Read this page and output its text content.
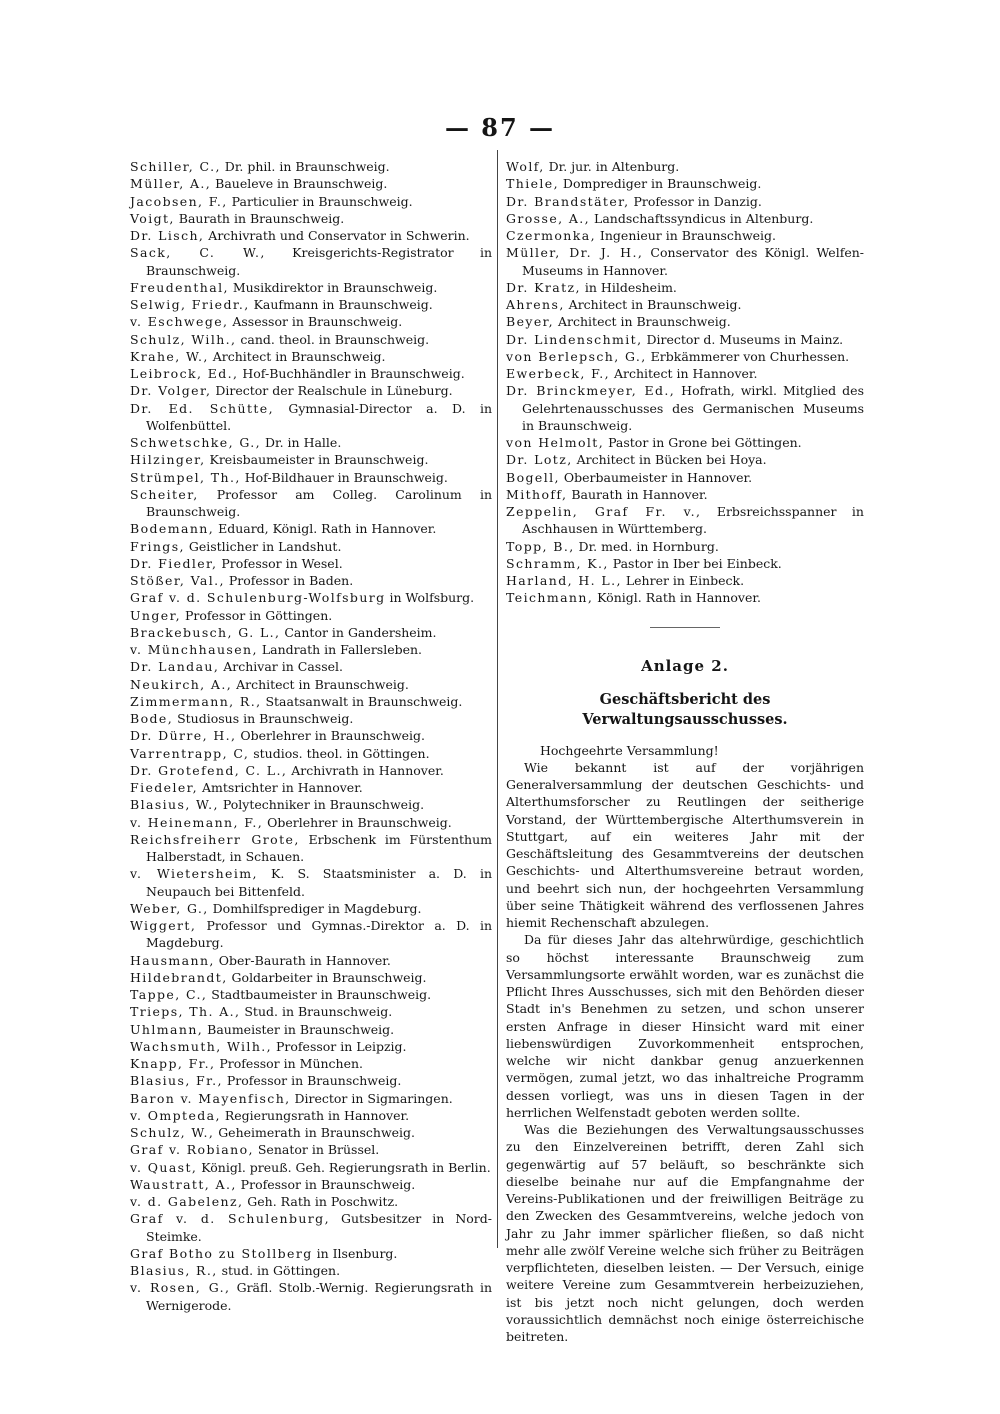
— 87 —
Schiller, C., Dr. phil. in Braunschweig.
Müller, A., Baueleve in Braunschweig.
Jacobsen, F., Particulier in Braunschweig.
Voigt, Baurath in Braunschweig.
Dr. Lisch, Archivrath und Conservator in Schwerin.
Sack, C. W., Kreisgerichts-Registrator in Braunschweig.
Freudenthal, Musikdirektor in Braunschweig.
Selwig, Friedr., Kaufmann in Braunschweig.
v. Eschwege, Assessor in Braunschweig.
Schulz, Wilh., cand. theol. in Braunschweig.
Krahe, W., Architect in Braunschweig.
Leibrock, Ed., Hof-Buchhändler in Braunschweig.
Dr. Volger, Director der Realschule in Lüneburg.
Dr. Ed. Schütte, Gymnasial-Director a. D. in Wolfenbüttel.
Schwetschke, G., Dr. in Halle.
Hilzinger, Kreisbaumeister in Braunschweig.
Strümpel, Th., Hof-Bildhauer in Braunschweig.
Scheiter, Professor am Colleg. Carolinum in Braunschweig.
Bodemann, Eduard, Königl. Rath in Hannover.
Frings, Geistlicher in Landshut.
Dr. Fiedler, Professor in Wesel.
Stößer, Val., Professor in Baden.
Graf v. d. Schulenburg-Wolfsburg in Wolfsburg.
Unger, Professor in Göttingen.
Brackebusch, G. L., Cantor in Gandersheim.
v. Münchhausen, Landrath in Fallersleben.
Dr. Landau, Archivar in Cassel.
Neukirch, A., Architect in Braunschweig.
Zimmermann, R., Staatsanwalt in Braunschweig.
Bode, Studiosus in Braunschweig.
Dr. Dürre, H., Oberlehrer in Braunschweig.
Varrentrapp, C, studios. theol. in Göttingen.
Dr. Grotefend, C. L., Archivrath in Hannover.
Fiedeler, Amtsrichter in Hannover.
Blasius, W., Polytechniker in Braunschweig.
v. Heinemann, F., Oberlehrer in Braunschweig.
Reichsfreiherr Grote, Erbschenk im Fürstenthum Halberstadt, in Schauen.
v. Wietersheim, K. S. Staatsminister a. D. in Neupauch bei Bittenfeld.
Weber, G., Domhilfsprediger in Magdeburg.
Wiggert, Professor und Gymnas.-Direktor a. D. in Magdeburg.
Hausmann, Ober-Baurath in Hannover.
Hildebrandt, Goldarbeiter in Braunschweig.
Tappe, C., Stadtbaumeister in Braunschweig.
Trieps, Th. A., Stud. in Braunschweig.
Uhlmann, Baumeister in Braunschweig.
Wachsmuth, Wilh., Professor in Leipzig.
Knapp, Fr., Professor in München.
Blasius, Fr., Professor in Braunschweig.
Baron v. Mayenfisch, Director in Sigmaringen.
v. Ompteda, Regierungsrath in Hannover.
Schulz, W., Geheimerath in Braunschweig.
Graf v. Robiano, Senator in Brüssel.
v. Quast, Königl. preuß. Geh. Regierungsrath in Berlin.
Waustratt, A., Professor in Braunschweig.
v. d. Gabelenz, Geh. Rath in Poschwitz.
Graf v. d. Schulenburg, Gutsbesitzer in Nord-Steimke.
Graf Botho zu Stollberg in Ilsenburg.
Blasius, R., stud. in Göttingen.
v. Rosen, G., Gräfl. Stolb.-Wernig. Regierungsrath in Wernigerode.
Wolf, Dr. jur. in Altenburg.
Thiele, Domprediger in Braunschweig.
Dr. Brandstäter, Professor in Danzig.
Grosse, A., Landschaftssyndicus in Altenburg.
Czermonka, Ingenieur in Braunschweig.
Müller, Dr. J. H., Conservator des Königl. Welfen-Museums in Hannover.
Dr. Kratz, in Hildesheim.
Ahrens, Architect in Braunschweig.
Beyer, Architect in Braunschweig.
Dr. Lindenschmit, Director d. Museums in Mainz.
von Berlepsch, G., Erbkämmerer von Churhessen.
Ewerbeck, F., Architect in Hannover.
Dr. Brinckmeyer, Ed., Hofrath, wirkl. Mitglied des Gelehrtenausschusses des Germanischen Museums in Braunschweig.
von Helmolt, Pastor in Grone bei Göttingen.
Dr. Lotz, Architect in Bücken bei Hoya.
Bogell, Oberbaumeister in Hannover.
Mithoff, Baurath in Hannover.
Zeppelin, Graf Fr. v., Erbsreichsspanner in Aschhausen in Württemberg.
Topp, B., Dr. med. in Hornburg.
Schramm, K., Pastor in Iber bei Einbeck.
Harland, H. L., Lehrer in Einbeck.
Teichmann, Königl. Rath in Hannover.
Anlage 2.
Geschäftsbericht des Verwaltungsausschusses.
Hochgeehrte Versammlung!
Wie bekannt ist auf der vorjährigen Generalversammlung der deutschen Geschichts- und Alterthumsforscher zu Reutlingen der seitherige Vorstand, der Württembergische Alterthumsverein in Stuttgart, auf ein weiteres Jahr mit der Geschäftsleitung des Gesammtvereins der deutschen Geschichts- und Alterthumsvereine betraut worden, und beehrt sich nun, der hochgeehrten Versammlung über seine Thätigkeit während des verflossenen Jahres hiemit Rechenschaft abzulegen.
Da für dieses Jahr das altehrwürdige, geschichtlich so höchst interessante Braunschweig zum Versammlungsorte erwählt worden, war es zunächst die Pflicht Ihres Ausschusses, sich mit den Behörden dieser Stadt in's Benehmen zu setzen, und schon unserer ersten Anfrage in dieser Hinsicht ward mit einer liebenswürdigen Zuvorkommenheit entsprochen, welche wir nicht dankbar genug anzuerkennen vermögen, zumal jetzt, wo das inhaltreiche Programm dessen vorliegt, was uns in diesen Tagen in der herrlichen Welfenstadt geboten werden sollte.
Was die Beziehungen des Verwaltungsausschusses zu den Einzelvereinen betrifft, deren Zahl sich gegenwärtig auf 57 beläuft, so beschränkte sich dieselbe beinahe nur auf die Empfangnahme der Vereins-Publikationen und der freiwilligen Beiträge zu den Zwecken des Gesammtvereins, welche jedoch von Jahr zu Jahr immer spärlicher fließen, so daß nicht mehr alle zwölf Vereine welche sich früher zu Beiträgen verpflichteten, dieselben leisten. — Der Versuch, einige weitere Vereine zum Gesammtverein herbeizuziehen, ist bis jetzt noch nicht gelungen, doch werden voraussichtlich demnächst noch einige österreichische beitreten.
